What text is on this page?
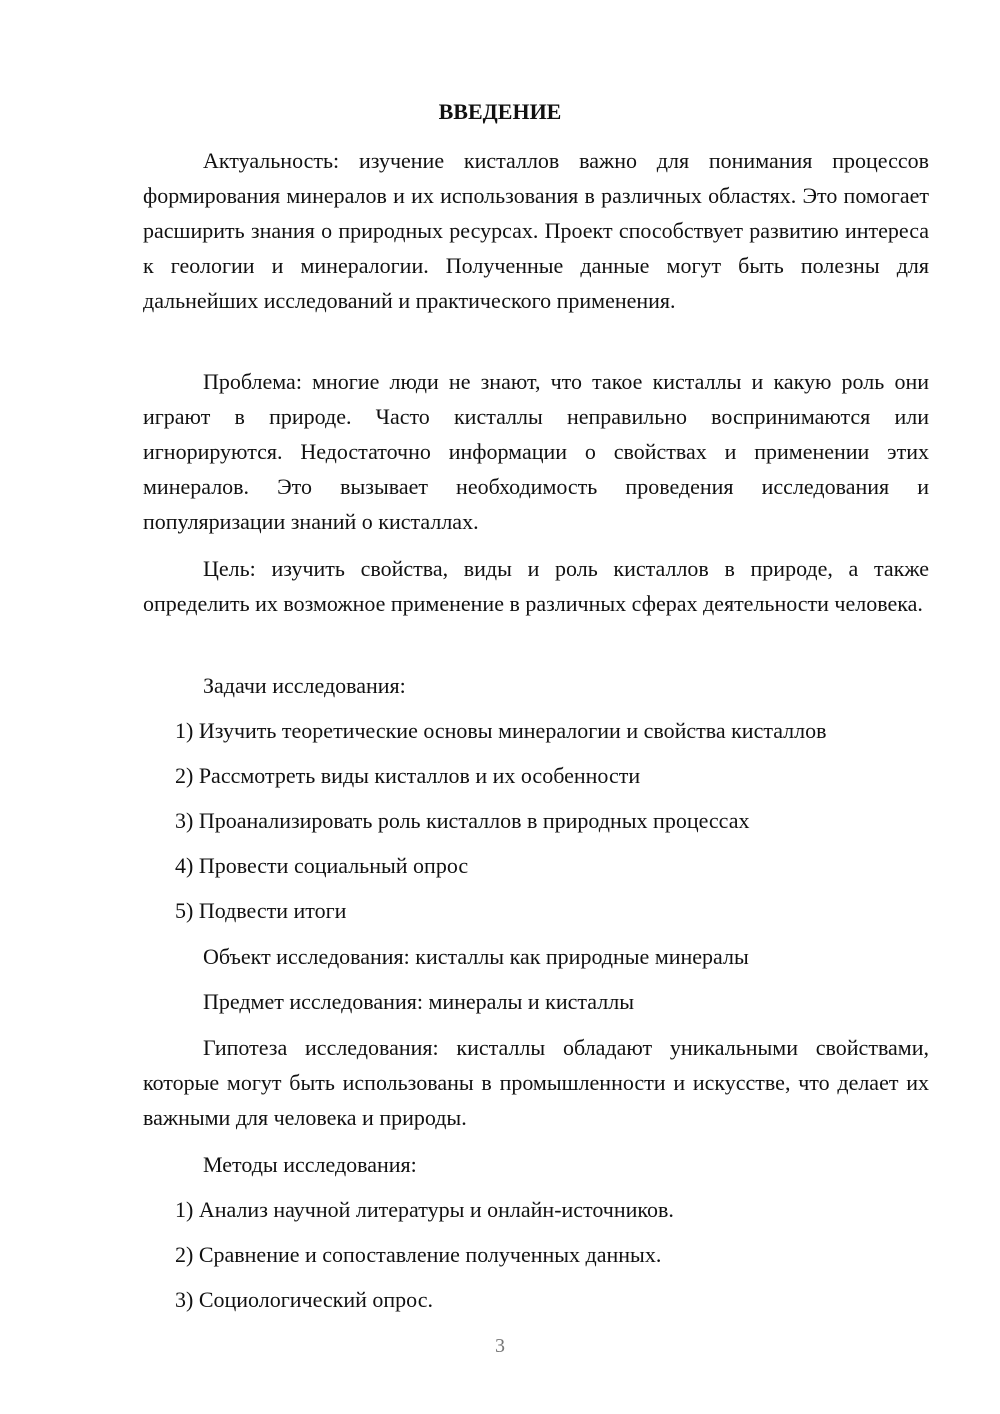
ВВЕДЕНИЕ

Актуальность: изучение кисталлов важно для понимания процессов формирования минералов и их использования в различных областях. Это помогает расширить знания о природных ресурсах. Проект способствует развитию интереса к геологии и минералогии. Полученные данные могут быть полезны для дальнейших исследований и практического применения.

Проблема: многие люди не знают, что такое кисталлы и какую роль они играют в природе. Часто кисталлы неправильно воспринимаются или игнорируются. Недостаточно информации о свойствах и применении этих минералов. Это вызывает необходимость проведения исследования и популяризации знаний о кисталлах.

Цель: изучить свойства, виды и роль кисталлов в природе, а также определить их возможное применение в различных сферах деятельности человека.

Задачи исследования:
1) Изучить теоретические основы минералогии и свойства кисталлов
2) Рассмотреть виды кисталлов и их особенности
3) Проанализировать роль кисталлов в природных процессах
4) Провести социальный опрос
5) Подвести итоги
Объект исследования: кисталлы как природные минералы
Предмет исследования: минералы и кисталлы

Гипотеза исследования: кисталлы обладают уникальными свойствами, которые могут быть использованы в промышленности и искусстве, что делает их важными для человека и природы.

Методы исследования:
1) Анализ научной литературы и онлайн-источников.
2) Сравнение и сопоставление полученных данных.
3) Социологический опрос.
3
